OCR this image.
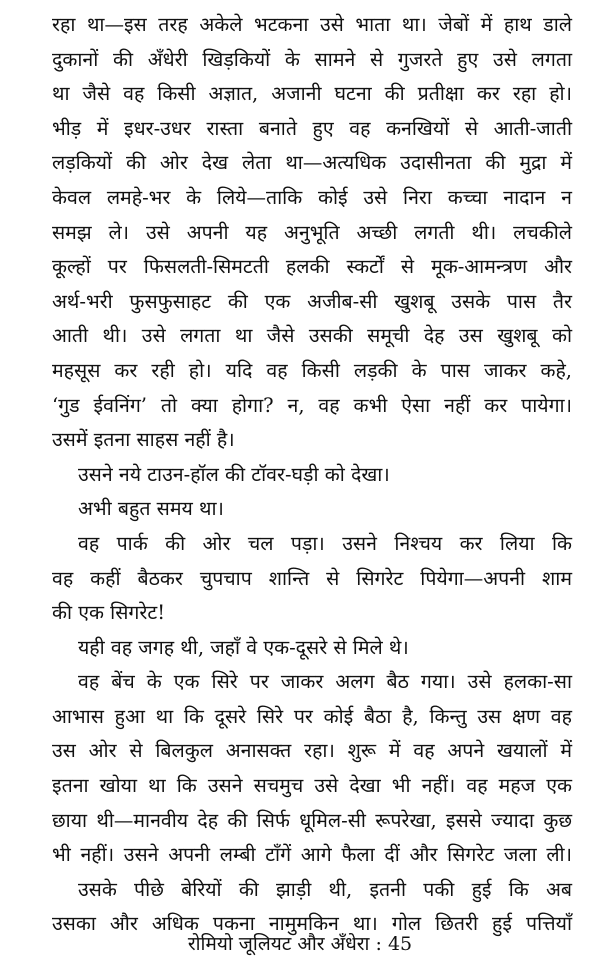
रहा था—इस तरह अकेले भटकना उसे भाता था। जेबों में हाथ डाले
दुकानों की अँधेरी खिड़कियों के सामने से गुजरते हुए उसे लगता
था जैसे वह किसी अज्ञात, अजानी घटना की प्रतीक्षा कर रहा हो।
भीड़ में इधर-उधर रास्ता बनाते हुए वह कनखियों से आती-जाती
लड़कियों की ओर देख लेता था—अत्यधिक उदासीनता की मुद्रा में
केवल लमहे-भर के लिये—ताकि कोई उसे निरा कच्चा नादान न
समझ ले। उसे अपनी यह अनुभूति अच्छी लगती थी। लचकीले
कूल्हों पर फिसलती-सिमटती हलकी स्कर्टों से मूक-आमन्त्रण और
अर्थ-भरी फुसफुसाहट की एक अजीब-सी खुशबू उसके पास तैर
आती थी। उसे लगता था जैसे उसकी समूची देह उस खुशबू को
महसूस कर रही हो। यदि वह किसी लड़की के पास जाकर कहे,
‘गुड ईवनिंग’ तो क्या होगा? न, वह कभी ऐसा नहीं कर पायेगा।
उसमें इतना साहस नहीं है।
उसने नये टाउन-हॉल की टॉवर-घड़ी को देखा।
अभी बहुत समय था।
वह पार्क की ओर चल पड़ा। उसने निश्चय कर लिया कि
वह कहीं बैठकर चुपचाप शान्ति से सिगरेट पियेगा—अपनी शाम
की एक सिगरेट!
यही वह जगह थी, जहाँ वे एक-दूसरे से मिले थे।
वह बेंच के एक सिरे पर जाकर अलग बैठ गया। उसे हलका-सा
आभास हुआ था कि दूसरे सिरे पर कोई बैठा है, किन्तु उस क्षण वह
उस ओर से बिलकुल अनासक्त रहा। शुरू में वह अपने खयालों में
इतना खोया था कि उसने सचमुच उसे देखा भी नहीं। वह महज एक
छाया थी—मानवीय देह की सिर्फ धूमिल-सी रूपरेखा, इससे ज्यादा कुछ
भी नहीं। उसने अपनी लम्बी टाँगें आगे फैला दीं और सिगरेट जला ली।
उसके पीछे बेरियों की झाड़ी थी, इतनी पकी हुई कि अब
उसका और अधिक पकना नामुमकिन था। गोल छितरी हुई पत्तियाँ
रोमियो जूलियट और अँधेरा : 45
